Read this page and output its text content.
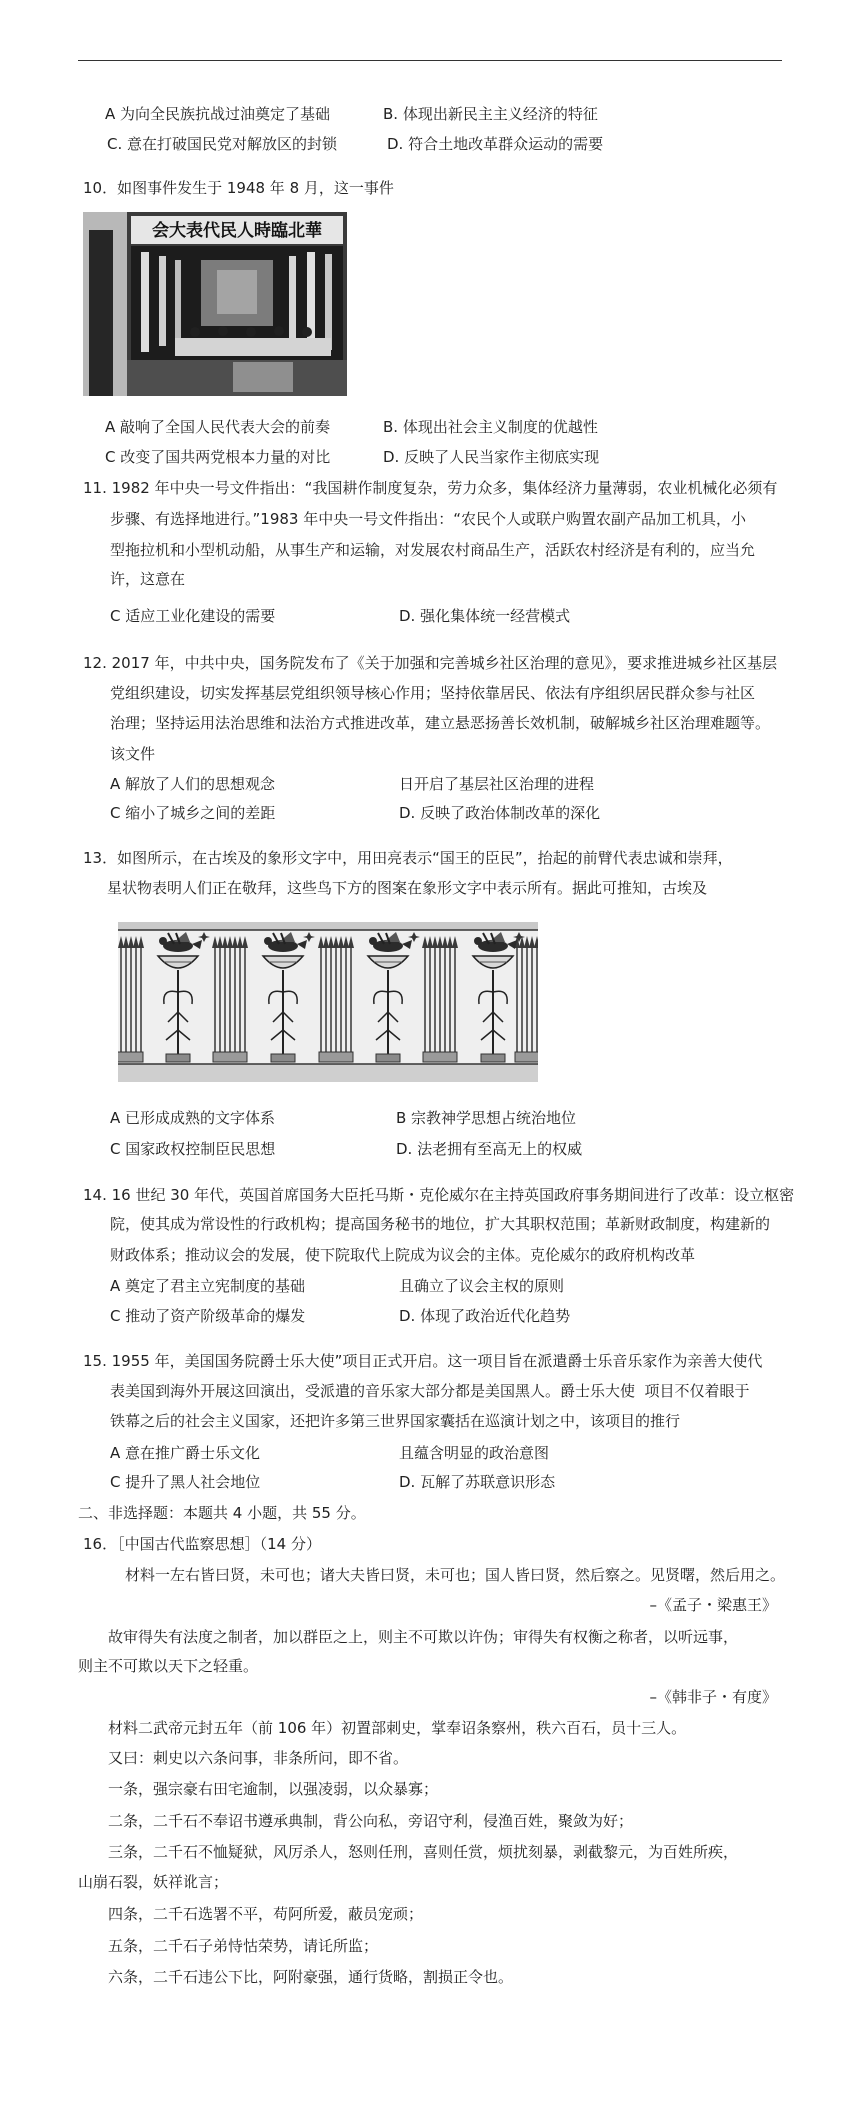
A 为向全民族抗战过油奠定了基础	B. 体现出新民主主义经济的特征
C. 意在打破国民党对解放区的封锁	D. 符合土地改革群众运动的需要
10．如图事件发生于 1948 年 8 月，这一事件
会大表代民人時臨北華
A 敲响了全国人民代表大会的前奏	B. 体现出社会主义制度的优越性
C 改变了国共两党根本力量的对比	D. 反映了人民当家作主彻底实现
11. 1982 年中央一号文件指出：“我国耕作制度复杂，劳力众多，集体经济力量薄弱，农业机械化必须有
步骤、有选择地进行。”1983 年中央一号文件指出：“农民个人或联户购置农副产品加工机具，小
型拖拉机和小型机动船，从事生产和运输，对发展农村商品生产，活跃农村经济是有利的，应当允
许，这意在
C 适应工业化建设的需要	D. 强化集体统一经营模式
12. 2017 年，中共中央，国务院发布了《关于加强和完善城乡社区治理的意见》，要求推进城乡社区基层
党组织建设，切实发挥基层党组织领导核心作用；坚持依靠居民、依法有序组织居民群众参与社区
治理；坚持运用法治思维和法治方式推进改革，建立悬恶扬善长效机制，破解城乡社区治理难题等。
该文件
A 解放了人们的思想观念	日开启了基层社区治理的进程
C 缩小了城乡之间的差距	D. 反映了政治体制改革的深化
13．如图所示，在古埃及的象形文字中，用田亮表示“国王的臣民”，抬起的前臂代表忠诚和崇拜，
星状物表明人们正在敬拜，这些鸟下方的图案在象形文字中表示所有。据此可推知，古埃及
A 已形成成熟的文字体系	B 宗教神学思想占统治地位
C 国家政权控制臣民思想	D. 法老拥有至高无上的权威
14. 16 世纪 30 年代，英国首席国务大臣托马斯・克伦威尔在主持英国政府事务期间进行了改革：设立枢密
院，使其成为常设性的行政机构；提高国务秘书的地位，扩大其职权范围；革新财政制度，构建新的
财政体系；推动议会的发展，使下院取代上院成为议会的主体。克伦威尔的政府机构改革
A 奠定了君主立宪制度的基础	且确立了议会主权的原则
C 推动了资产阶级革命的爆发	D. 体现了政治近代化趋势
15. 1955 年，美国国务院爵士乐大使”项目正式开启。这一项目旨在派遣爵士乐音乐家作为亲善大使代
表美国到海外开展这回演出，受派遣的音乐家大部分都是美国黑人。爵士乐大使  项目不仅着眼于
铁幕之后的社会主义国家，还把许多第三世界国家囊括在巡演计划之中，该项目的推行
A 意在推广爵士乐文化	且蕴含明显的政治意图
C 提升了黑人社会地位	D. 瓦解了苏联意识形态
二、非选择题：本题共 4 小题，共 55 分。
16．［中国古代监察思想］（14 分）
材料一左右皆曰贤，未可也；诸大夫皆曰贤，未可也；国人皆曰贤，然后察之。见贤曙，然后用之。
–《孟子・梁惠王》
故审得失有法度之制者，加以群臣之上，则主不可欺以许伪；审得失有权衡之称者，以听远事，
则主不可欺以天下之轻重。
–《韩非子・有度》
材料二武帝元封五年（前 106 年）初置部刺史，掌奉诏条察州，秩六百石，员十三人。
又曰：刺史以六条问事，非条所问，即不省。
一条，强宗豪右田宅逾制，以强凌弱，以众暴寡；
二条，二千石不奉诏书遵承典制，背公向私，旁诏守利，侵渔百姓，聚敛为好；
三条，二千石不恤疑狱，风厉杀人，怒则任刑，喜则任赏，烦扰刻暴，剥截黎元，为百姓所疾，
山崩石裂，妖祥讹言；
四条，二千石选署不平，苟阿所爱，蔽员宠顽；
五条，二千石子弟恃怙荣势，请讬所监；
六条，二千石违公下比，阿附豪强，通行货略，割损正令也。
